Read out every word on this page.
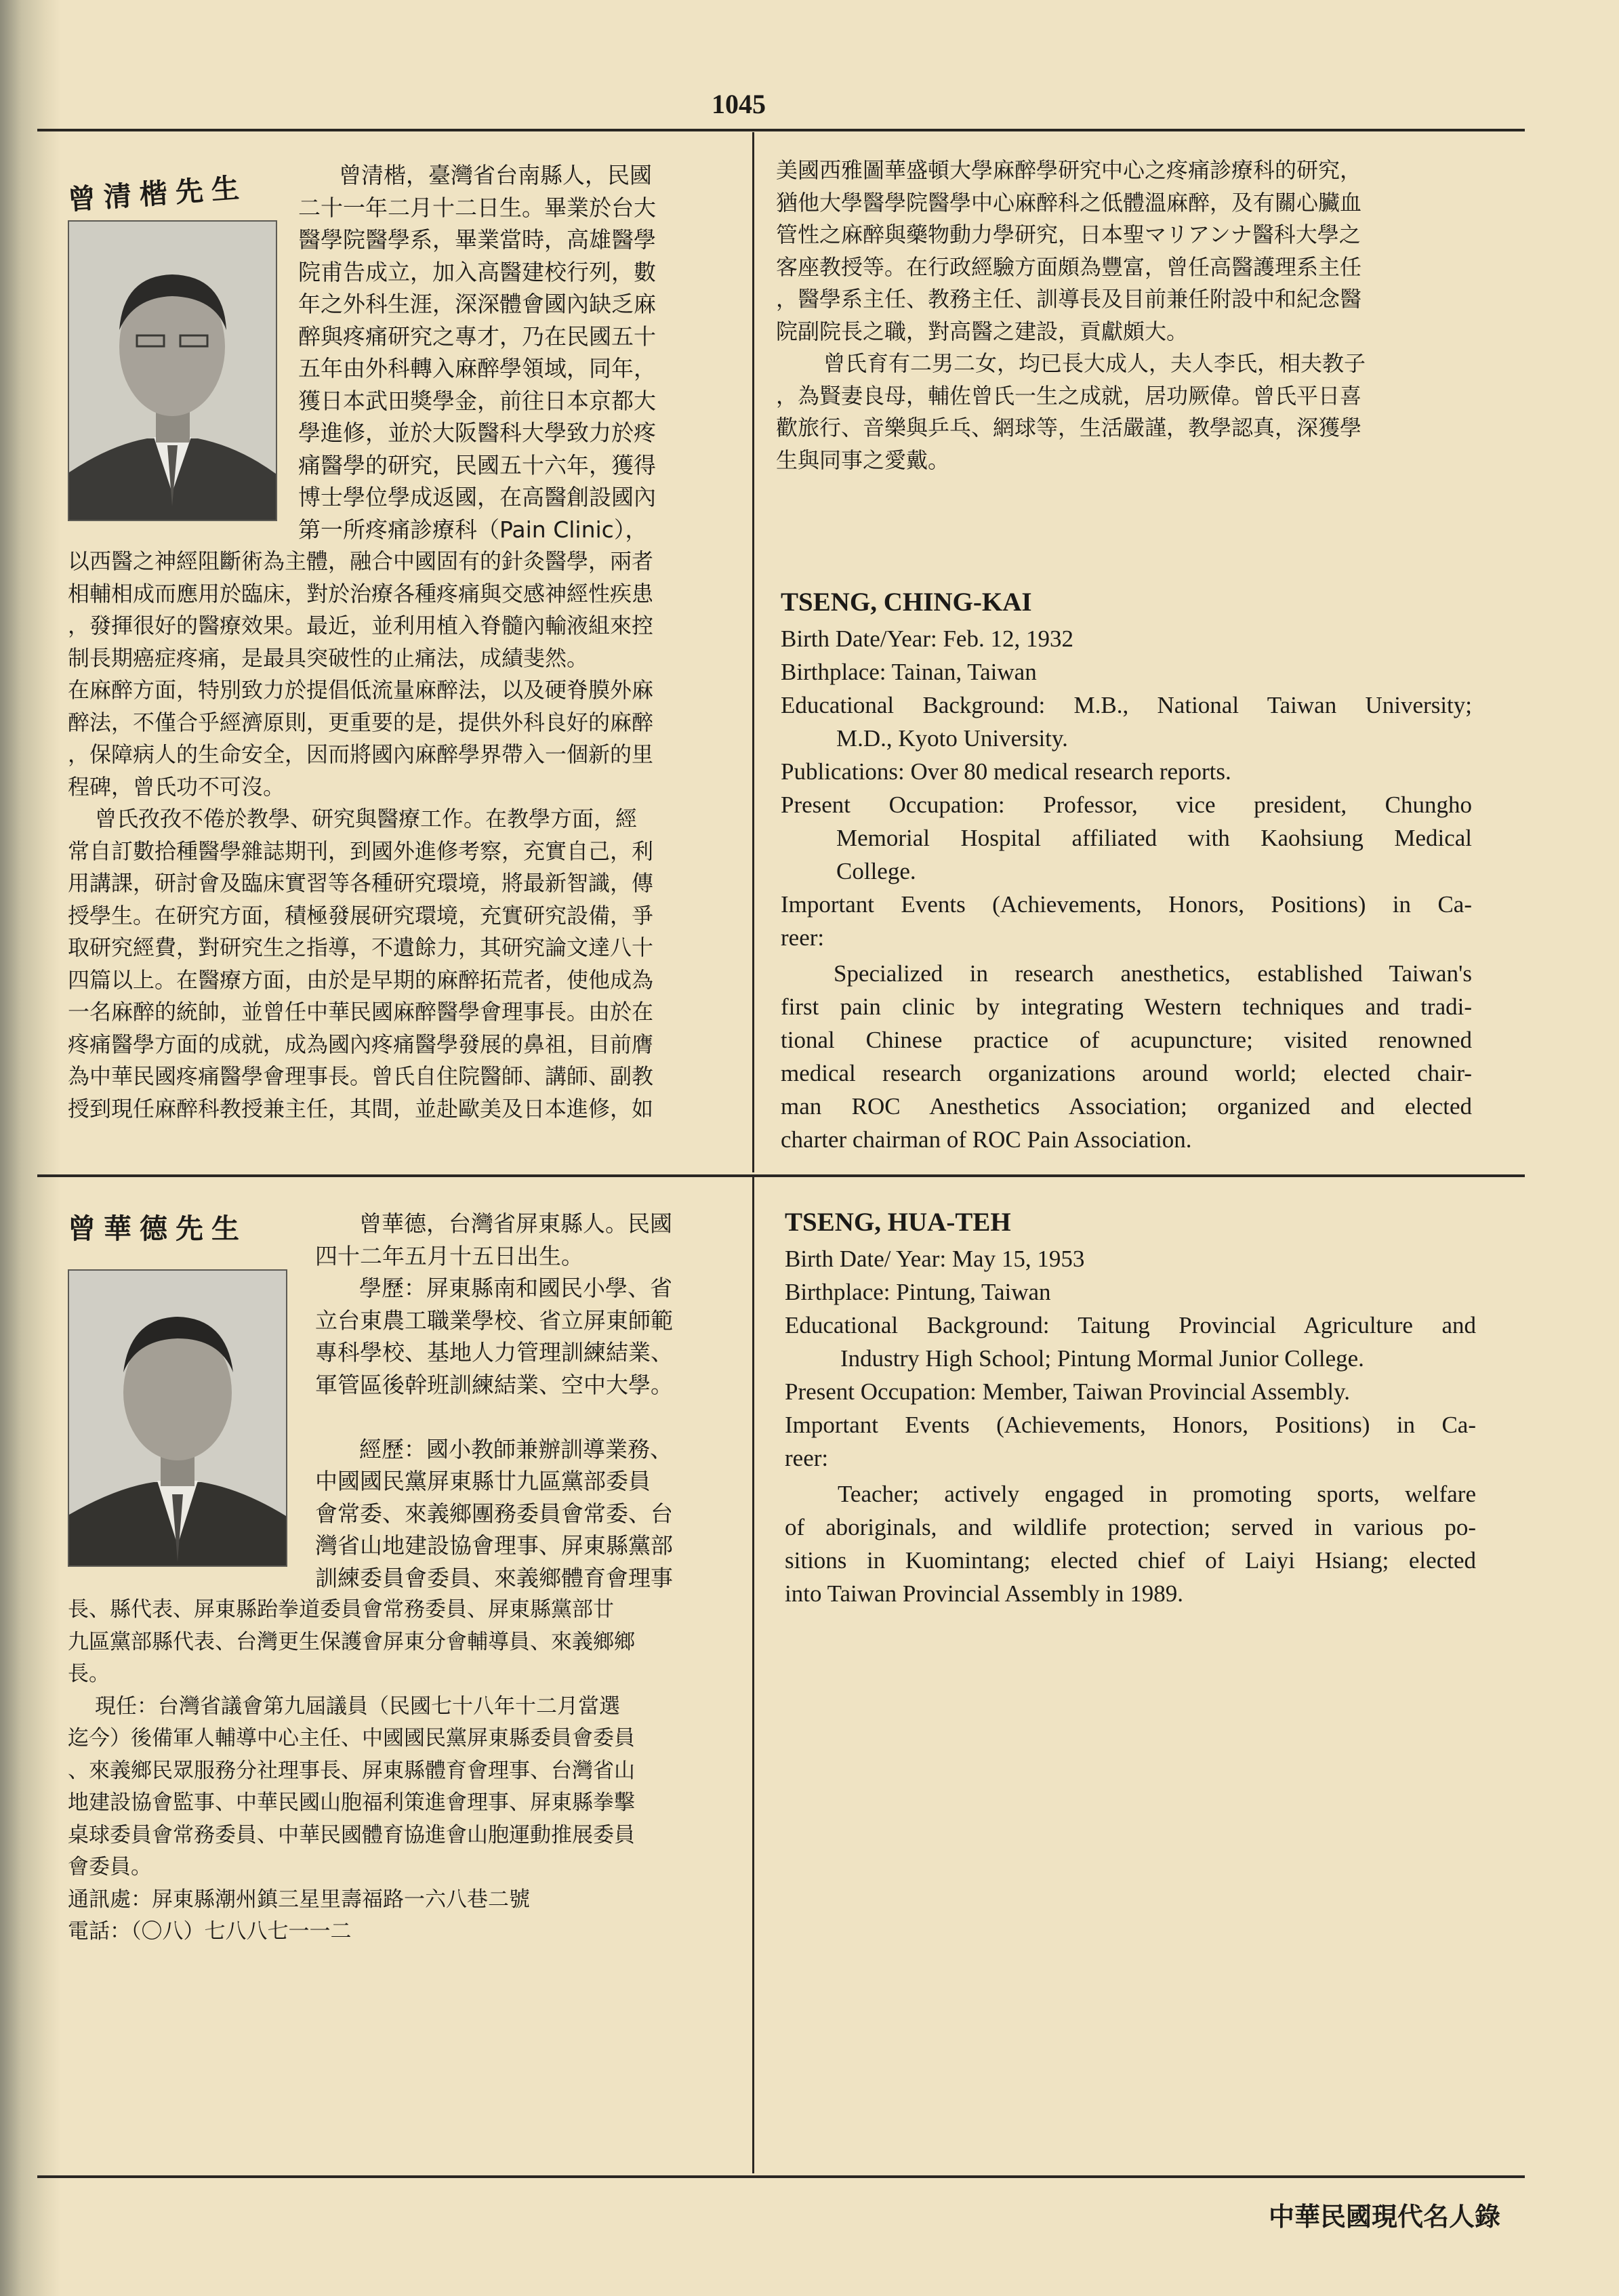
1045
曾清楷先生	曾清楷，臺灣省台南縣人，民國
二十一年二月十二日生。畢業於台大
醫學院醫學系，畢業當時，高雄醫學
院甫告成立，加入高醫建校行列，數
年之外科生涯，深深體會國內缺乏麻
醉與疼痛研究之專才，乃在民國五十
五年由外科轉入麻醉學領域，同年，
獲日本武田獎學金，前往日本京都大
學進修，並於大阪醫科大學致力於疼
痛醫學的研究，民國五十六年，獲得
博士學位學成返國，在高醫創設國內
第一所疼痛診療科（Pain Clinic），
以西醫之神經阻斷術為主體，融合中國固有的針灸醫學，兩者
相輔相成而應用於臨床，對於治療各種疼痛與交感神經性疾患
，發揮很好的醫療效果。最近，並利用植入脊髓內輸液組來控
制長期癌症疼痛，是最具突破性的止痛法，成績斐然。
在麻醉方面，特別致力於提倡低流量麻醉法，以及硬脊膜外麻
醉法，不僅合乎經濟原則，更重要的是，提供外科良好的麻醉
，保障病人的生命安全，因而將國內麻醉學界帶入一個新的里
程碑，曾氏功不可沒。
曾氏孜孜不倦於教學、研究與醫療工作。在教學方面，經
常自訂數拾種醫學雜誌期刊，到國外進修考察，充實自己，利
用講課，研討會及臨床實習等各種研究環境，將最新智識，傳
授學生。在研究方面，積極發展研究環境，充實研究設備，爭
取研究經費，對研究生之指導，不遺餘力，其研究論文達八十
四篇以上。在醫療方面，由於是早期的麻醉拓荒者，使他成為
一名麻醉的統帥，並曾任中華民國麻醉醫學會理事長。由於在
疼痛醫學方面的成就，成為國內疼痛醫學發展的鼻祖，目前膺
為中華民國疼痛醫學會理事長。曾氏自住院醫師、講師、副教
授到現任麻醉科教授兼主任，其間，並赴歐美及日本進修，如
美國西雅圖華盛頓大學麻醉學研究中心之疼痛診療科的研究，
猶他大學醫學院醫學中心麻醉科之低體溫麻醉，及有關心臟血
管性之麻醉與藥物動力學研究，日本聖マリアンナ醫科大學之
客座教授等。在行政經驗方面頗為豐富，曾任高醫護理系主任
，醫學系主任、教務主任、訓導長及目前兼任附設中和紀念醫
院副院長之職，對高醫之建設，貢獻頗大。
曾氏育有二男二女，均已長大成人，夫人李氏，相夫教子
，為賢妻良母，輔佐曾氏一生之成就，居功厥偉。曾氏平日喜
歡旅行、音樂與乒乓、網球等，生活嚴謹，教學認真，深獲學
生與同事之愛戴。
TSENG, CHING-KAI
Birth Date/Year: Feb. 12, 1932
Birthplace: Tainan, Taiwan
Educational Background: M.B., National Taiwan University;
M.D., Kyoto University.
Publications: Over 80 medical research reports.
Present Occupation: Professor, vice president, Chungho
Memorial Hospital affiliated with Kaohsiung Medical
College.
Important Events (Achievements, Honors, Positions) in Ca-
reer:
Specialized in research anesthetics, established Taiwan's
first pain clinic by integrating Western techniques and tradi-
tional Chinese practice of acupuncture; visited renowned
medical research organizations around world; elected chair-
man ROC Anesthetics Association; organized and elected
charter chairman of ROC Pain Association.
曾華德先生	曾華德，台灣省屏東縣人。民國
四十二年五月十五日出生。
學歷：屏東縣南和國民小學、省
立台東農工職業學校、省立屏東師範
專科學校、基地人力管理訓練結業、
軍管區後幹班訓練結業、空中大學。
經歷：國小教師兼辦訓導業務、
中國國民黨屏東縣廿九區黨部委員
會常委、來義鄉團務委員會常委、台
灣省山地建設協會理事、屏東縣黨部
訓練委員會委員、來義鄉體育會理事
長、縣代表、屏東縣跆拳道委員會常務委員、屏東縣黨部廿
九區黨部縣代表、台灣更生保護會屏東分會輔導員、來義鄉鄉
長。
現任：台灣省議會第九屆議員（民國七十八年十二月當選
迄今）後備軍人輔導中心主任、中國國民黨屏東縣委員會委員
、來義鄉民眾服務分社理事長、屏東縣體育會理事、台灣省山
地建設協會監事、中華民國山胞福利策進會理事、屏東縣拳擊
桌球委員會常務委員、中華民國體育協進會山胞運動推展委員
會委員。
通訊處：屏東縣潮州鎮三星里壽福路一六八巷二號
電話：（〇八）七八八七一一二
TSENG, HUA-TEH
Birth Date/ Year: May 15, 1953
Birthplace: Pintung, Taiwan
Educational Background: Taitung Provincial Agriculture and
Industry High School; Pintung Mormal Junior College.
Present Occupation: Member, Taiwan Provincial Assembly.
Important Events (Achievements, Honors, Positions) in Ca-
reer:
Teacher; actively engaged in promoting sports, welfare
of aboriginals, and wildlife protection; served in various po-
sitions in Kuomintang; elected chief of Laiyi Hsiang; elected
into Taiwan Provincial Assembly in 1989.
中華民國現代名人錄
